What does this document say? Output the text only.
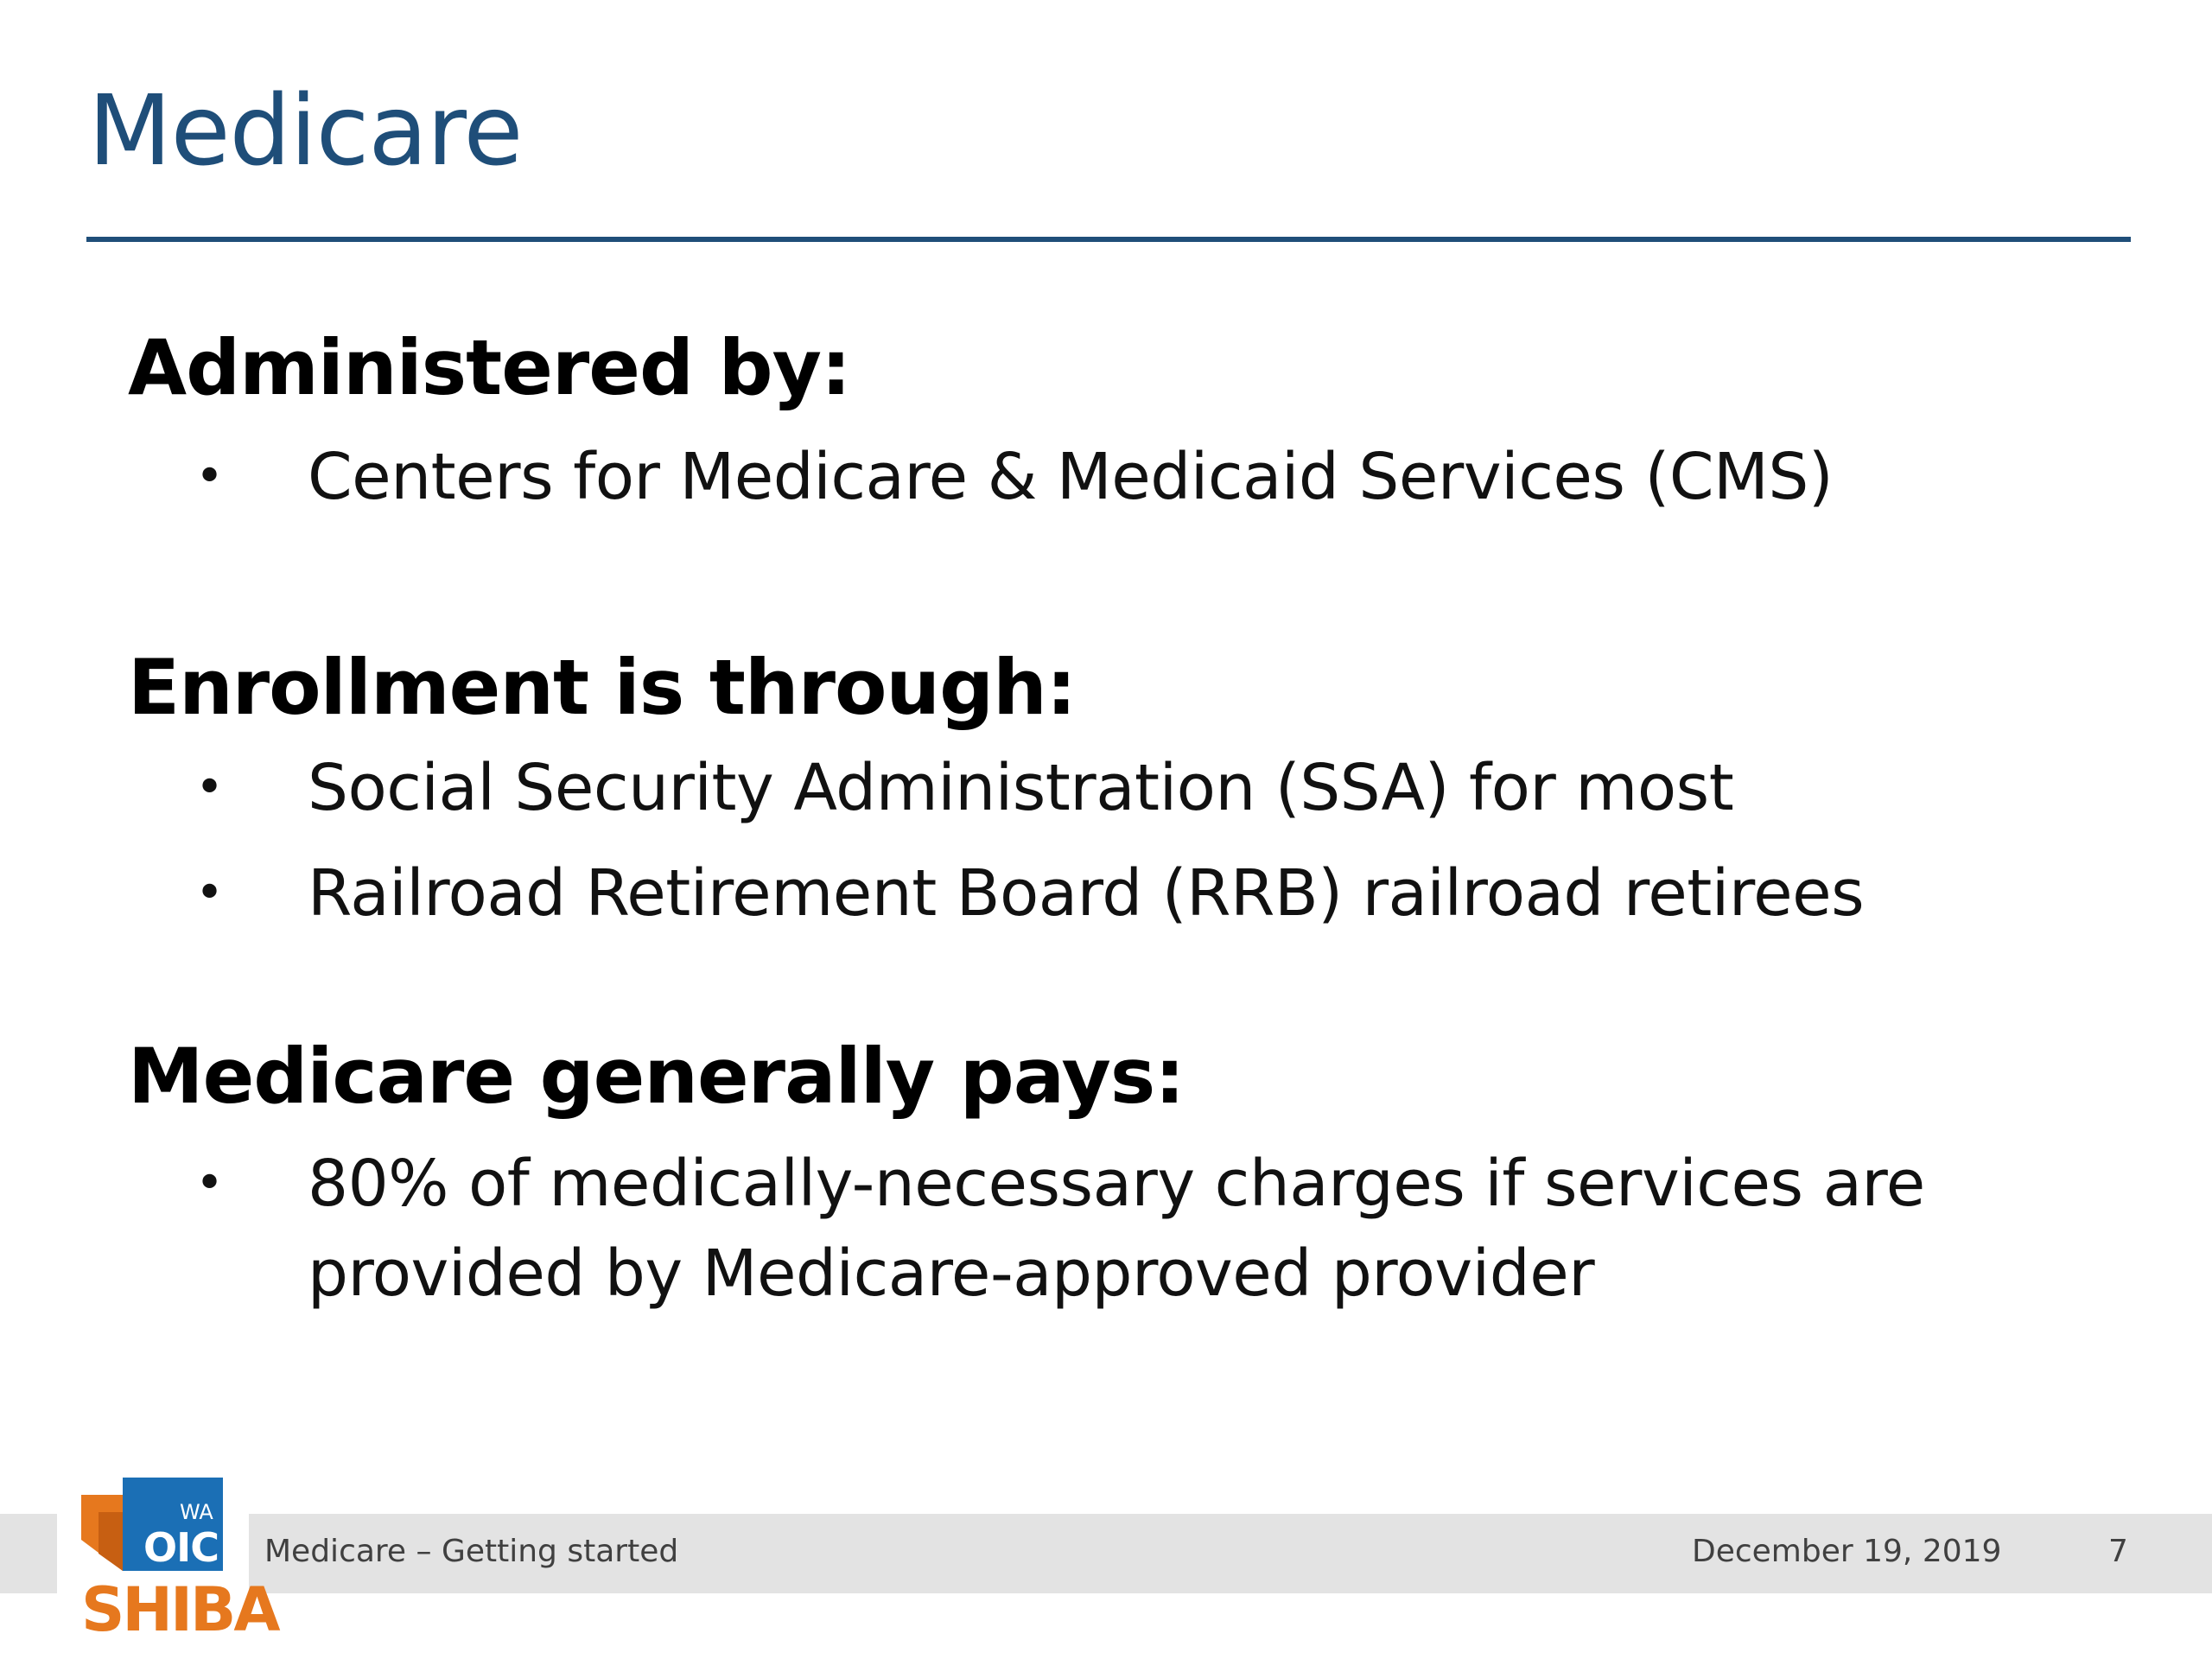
Medicare
Administered by:
• Centers for Medicare & Medicaid Services (CMS)
Enrollment is through:
• Social Security Administration (SSA) for most
• Railroad Retirement Board (RRB) railroad retirees
Medicare generally pays:
• 80% of medically-necessary charges if services are provided by Medicare-approved provider
WA
OIC
SHIBA
Medicare – Getting started	December 19, 2019	7
